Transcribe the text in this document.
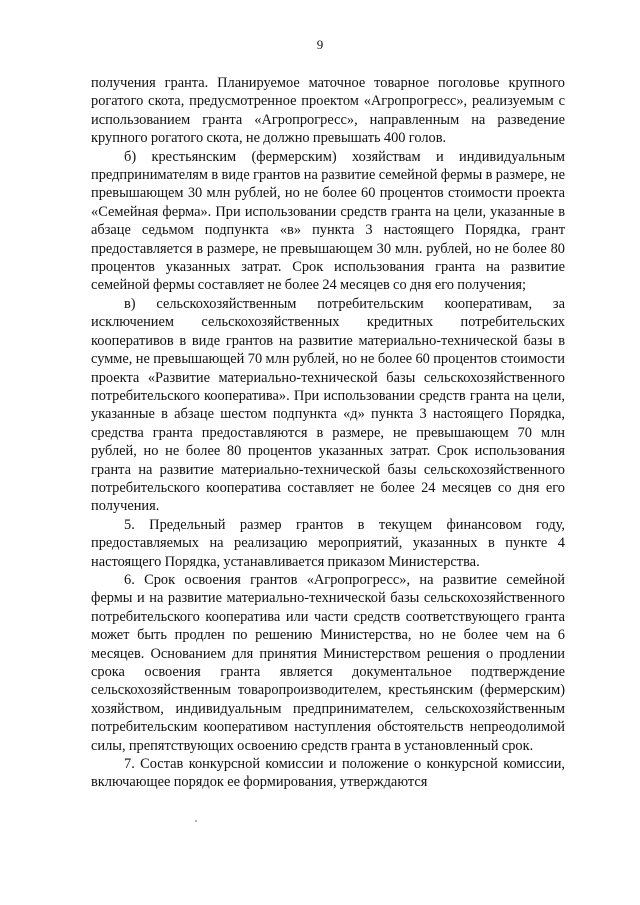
9

получения гранта. Планируемое маточное товарное поголовье крупного рогатого скота, предусмотренное проектом «Агропрогресс», реализуемым с использованием гранта «Агропрогресс», направленным на разведение крупного рогатого скота, не должно превышать 400 голов.

б) крестьянским (фермерским) хозяйствам и индивидуальным предпринимателям в виде грантов на развитие семейной фермы в размере, не превышающем 30 млн рублей, но не более 60 процентов стоимости проекта «Семейная ферма». При использовании средств гранта на цели, указанные в абзаце седьмом подпункта «в» пункта 3 настоящего Порядка, грант предоставляется в размере, не превышающем 30 млн. рублей, но не более 80 процентов указанных затрат. Срок использования гранта на развитие семейной фермы составляет не более 24 месяцев со дня его получения;

в) сельскохозяйственным потребительским кооперативам, за исключением сельскохозяйственных кредитных потребительских кооперативов в виде грантов на развитие материально-технической базы в сумме, не превышающей 70 млн рублей, но не более 60 процентов стоимости проекта «Развитие материально-технической базы сельскохозяйственного потребительского кооператива». При использовании средств гранта на цели, указанные в абзаце шестом подпункта «д» пункта 3 настоящего Порядка, средства гранта предоставляются в размере, не превышающем 70 млн рублей, но не более 80 процентов указанных затрат. Срок использования гранта на развитие материально-технической базы сельскохозяйственного потребительского кооператива составляет не более 24 месяцев со дня его получения.

5. Предельный размер грантов в текущем финансовом году, предоставляемых на реализацию мероприятий, указанных в пункте 4 настоящего Порядка, устанавливается приказом Министерства.

6. Срок освоения грантов «Агропрогресс», на развитие семейной фермы и на развитие материально-технической базы сельскохозяйственного потребительского кооператива или части средств соответствующего гранта может быть продлен по решению Министерства, но не более чем на 6 месяцев. Основанием для принятия Министерством решения о продлении срока освоения гранта является документальное подтверждение сельскохозяйственным товаропроизводителем, крестьянским (фермерским) хозяйством, индивидуальным предпринимателем, сельскохозяйственным потребительским кооперативом наступления обстоятельств непреодолимой силы, препятствующих освоению средств гранта в установленный срок.

7. Состав конкурсной комиссии и положение о конкурсной комиссии, включающее порядок ее формирования, утверждаются
